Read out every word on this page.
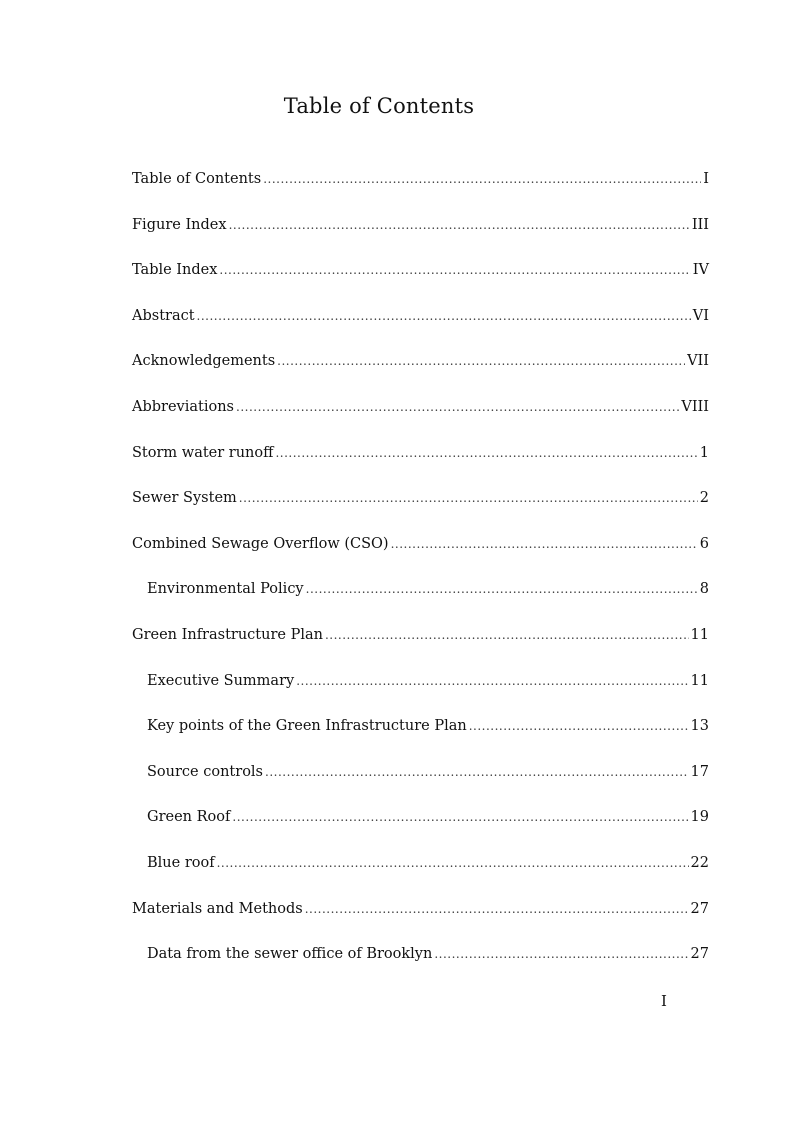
Table of Contents
Table of Contents .....	I
Figure Index .....	III
Table Index .....	IV
Abstract .....	VI
Acknowledgements .....	VII
Abbreviations .....	VIII
Storm water runoff .....	1
Sewer System .....	2
Combined Sewage Overflow (CSO) .....	6
Environmental Policy .....	8
Green Infrastructure Plan .....	11
Executive Summary .....	11
Key points of the Green Infrastructure Plan .....	13
Source controls .....	17
Green Roof .....	19
Blue roof .....	22
Materials and Methods .....	27
Data from the sewer office of Brooklyn .....	27
I
